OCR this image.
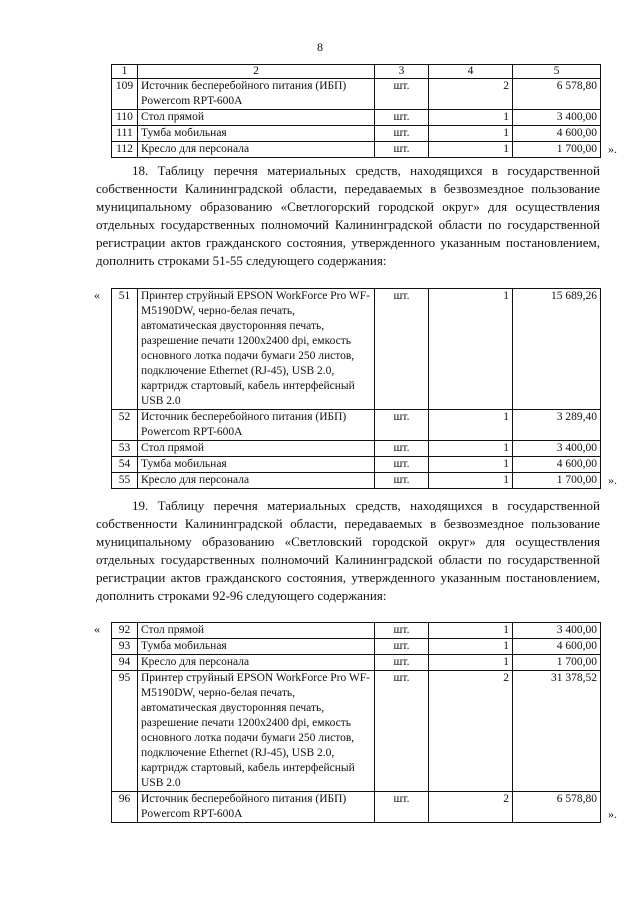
8
1	2	3	4	5
109	Источник бесперебойного питания (ИБП) Powercom RPT-600A	шт.	2	6 578,80
110	Стол прямой	шт.	1	3 400,00
111	Тумба мобильная	шт.	1	4 600,00
112	Кресло для персонала	шт.	1	1 700,00 ».
18. Таблицу перечня материальных средств, находящихся в государственной собственности Калининградской области, передаваемых в безвозмездное пользование муниципальному образованию «Светлогорский городской округ» для осуществления отдельных государственных полномочий Калининградской области по государственной регистрации актов гражданского состояния, утвержденного указанным постановлением, дополнить строками 51-55 следующего содержания:
« 51	Принтер струйный EPSON WorkForce Pro WF-M5190DW, черно-белая печать, автоматическая двусторонняя печать, разрешение печати 1200x2400 dpi, емкость основного лотка подачи бумаги 250 листов, подключение Ethernet (RJ-45), USB 2.0, картридж стартовый, кабель интерфейсный USB 2.0	шт.	1	15 689,26
52	Источник бесперебойного питания (ИБП) Powercom RPT-600A	шт.	1	3 289,40
53	Стол прямой	шт.	1	3 400,00
54	Тумба мобильная	шт.	1	4 600,00
55	Кресло для персонала	шт.	1	1 700,00 ».
19. Таблицу перечня материальных средств, находящихся в государственной собственности Калининградской области, передаваемых в безвозмездное пользование муниципальному образованию «Светловский городской округ» для осуществления отдельных государственных полномочий Калининградской области по государственной регистрации актов гражданского состояния, утвержденного указанным постановлением, дополнить строками 92-96 следующего содержания:
« 92	Стол прямой	шт.	1	3 400,00
93	Тумба мобильная	шт.	1	4 600,00
94	Кресло для персонала	шт.	1	1 700,00
95	Принтер струйный EPSON WorkForce Pro WF-M5190DW, черно-белая печать, автоматическая двусторонняя печать, разрешение печати 1200x2400 dpi, емкость основного лотка подачи бумаги 250 листов, подключение Ethernet (RJ-45), USB 2.0, картридж стартовый, кабель интерфейсный USB 2.0	шт.	2	31 378,52
96	Источник бесперебойного питания (ИБП) Powercom RPT-600A	шт.	2	6 578,80
».
